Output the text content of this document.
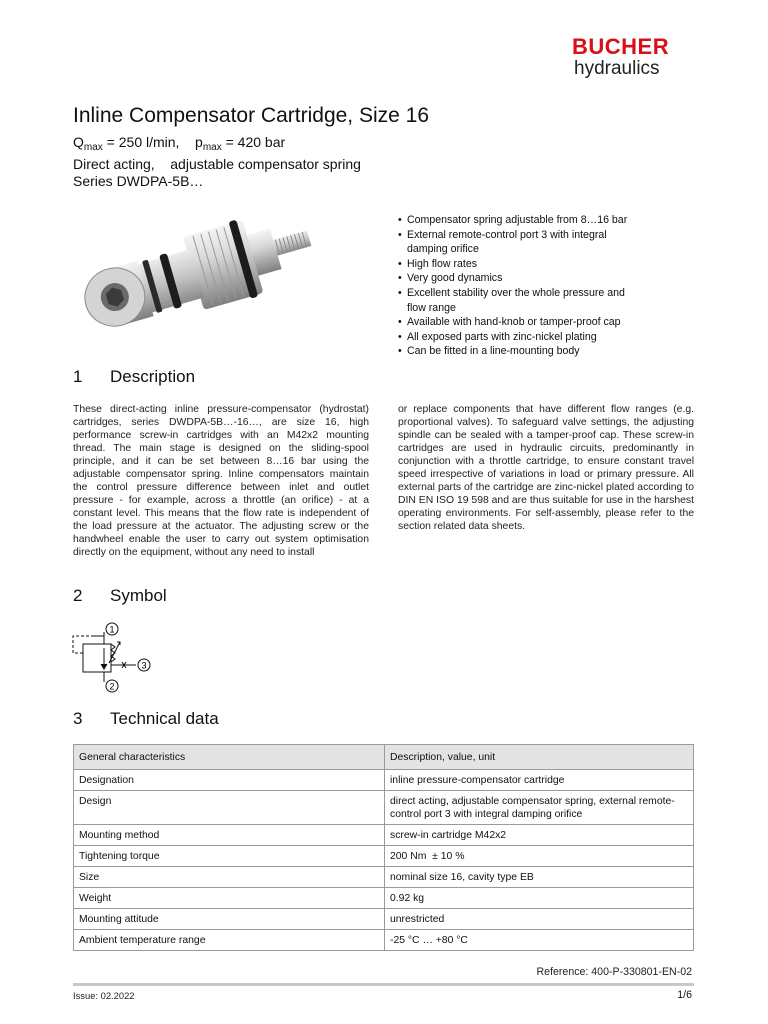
BUCHER
hydraulics
Inline Compensator Cartridge, Size 16
$Q_{max} = 250$ l/min, $p_{max} = 420$ bar
Direct acting,    adjustable compensator spring
Series DWDPA-5B…
• Compensator spring adjustable from 8…16 bar
• External remote-control port 3 with integral damping orifice
• High flow rates
• Very good dynamics
• Excellent stability over the whole pressure and flow range
• Available with hand-knob or tamper-proof cap
• All exposed parts with zinc-nickel plating
• Can be fitted in a line-mounting body
1 Description

These direct-acting inline pressure-compensator (hydrostat) cartridges, series DWDPA-5B…-16…, are size 16, high performance screw-in cartridges with an M42x2 mounting thread. The main stage is designed on the sliding-spool principle, and it can be set between 8…16 bar using the adjustable compensator spring. Inline compensators maintain the control pressure difference between inlet and outlet pressure - for example, across a throttle (an orifice) - at a constant level. This means that the flow rate is independent of the load pressure at the actuator. The adjusting screw or the handwheel enable the user to carry out system optimisation directly on the equipment, without any need to install

or replace components that have different flow ranges (e.g. proportional valves). To safeguard valve settings, the adjusting spindle can be sealed with a tamper-proof cap. These screw-in cartridges are used in hydraulic circuits, predominantly in conjunction with a throttle cartridge, to ensure constant travel speed irrespective of variations in load or primary pressure. All external parts of the cartridge are zinc-nickel plated according to DIN EN ISO 19 598 and are thus suitable for use in the harshest operating environments. For self-assembly, please refer to the section related data sheets.

2 Symbol
1
2
3
3 Technical data
General characteristics	Description, value, unit
Designation	inline pressure-compensator cartridge
Design	direct acting, adjustable compensator spring, external remote-control port 3 with integral damping orifice
Mounting method	screw-in cartridge M42x2
Tightening torque	200 Nm  ± 10 %
Size	nominal size 16, cavity type EB
Weight	0.92 kg
Mounting attitude	unrestricted
Ambient temperature range	-25 °C … +80 °C
Reference: 400-P-330801-EN-02
Issue: 02.2022	1/6
